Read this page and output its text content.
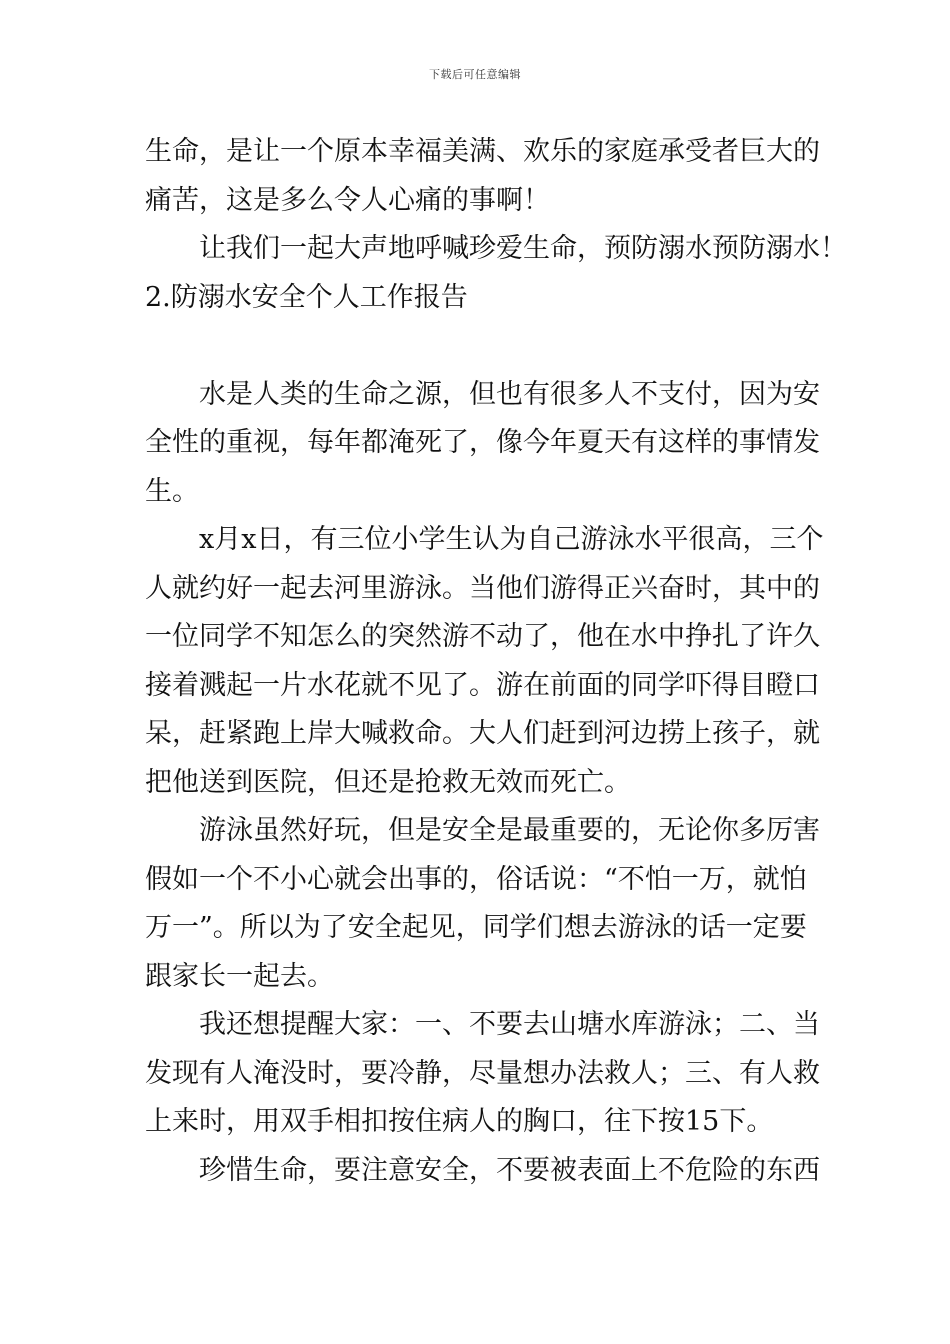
下载后可任意编辑
生命，是让一个原本幸福美满、欢乐的家庭承受者巨大的
痛苦，这是多么令人心痛的事啊！
让我们一起大声地呼喊珍爱生命，预防溺水预防溺水！
2.防溺水安全个人工作报告
水是人类的生命之源，但也有很多人不支付，因为安
全性的重视，每年都淹死了，像今年夏天有这样的事情发
生。
x月x日，有三位小学生认为自己游泳水平很高，三个
人就约好一起去河里游泳。当他们游得正兴奋时，其中的
一位同学不知怎么的突然游不动了，他在水中挣扎了许久
接着溅起一片水花就不见了。游在前面的同学吓得目瞪口
呆，赶紧跑上岸大喊救命。大人们赶到河边捞上孩子，就
把他送到医院，但还是抢救无效而死亡。
游泳虽然好玩，但是安全是最重要的，无论你多厉害
假如一个不小心就会出事的，俗话说：“不怕一万，就怕
万一”。所以为了安全起见，同学们想去游泳的话一定要
跟家长一起去。
我还想提醒大家：一、不要去山塘水库游泳；二、当
发现有人淹没时，要冷静，尽量想办法救人；三、有人救
上来时，用双手相扣按住病人的胸口，往下按15下。
珍惜生命，要注意安全，不要被表面上不危险的东西
